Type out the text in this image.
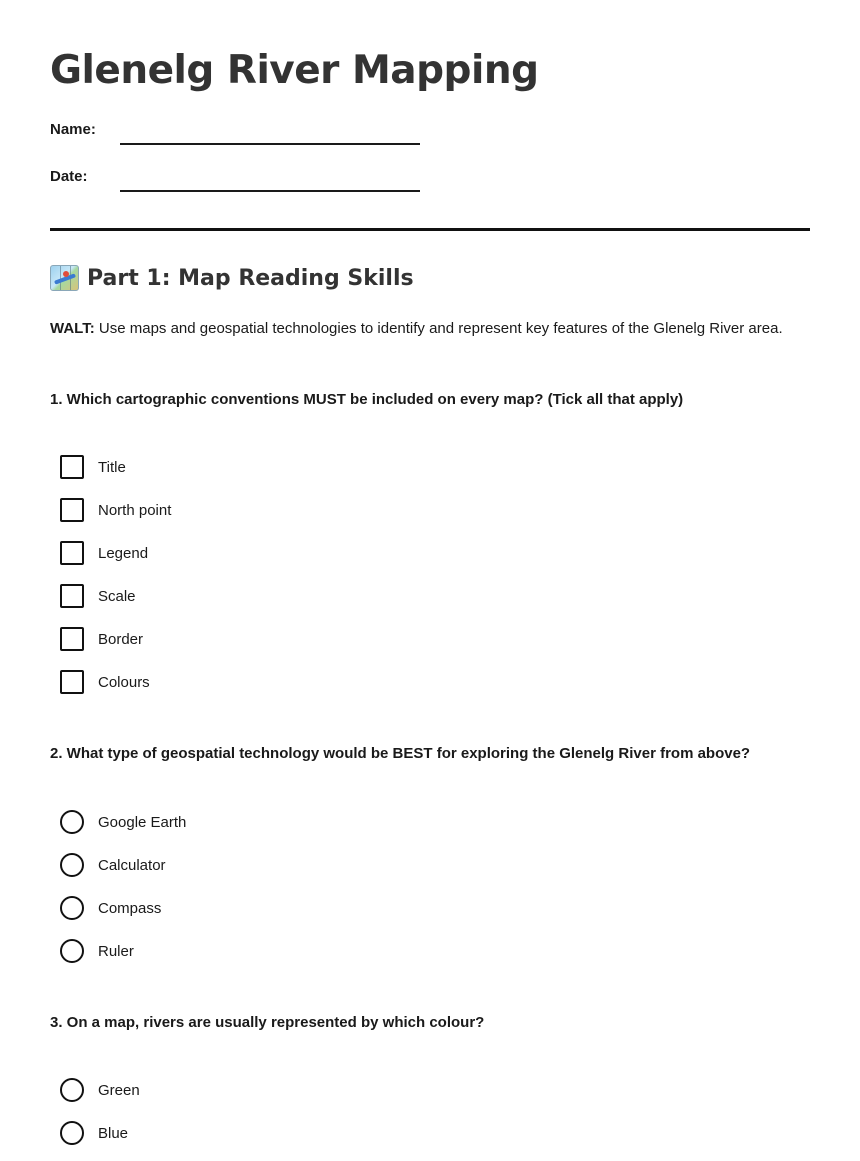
Glenelg River Mapping
Name:
Date:
Part 1: Map Reading Skills

WALT: Use maps and geospatial technologies to identify and represent key features of the Glenelg River area.

1. Which cartographic conventions MUST be included on every map? (Tick all that apply)
Title
North point
Legend
Scale
Border
Colours
2. What type of geospatial technology would be BEST for exploring the Glenelg River from above?
Google Earth
Calculator
Compass
Ruler
3. On a map, rivers are usually represented by which colour?
Green
Blue
